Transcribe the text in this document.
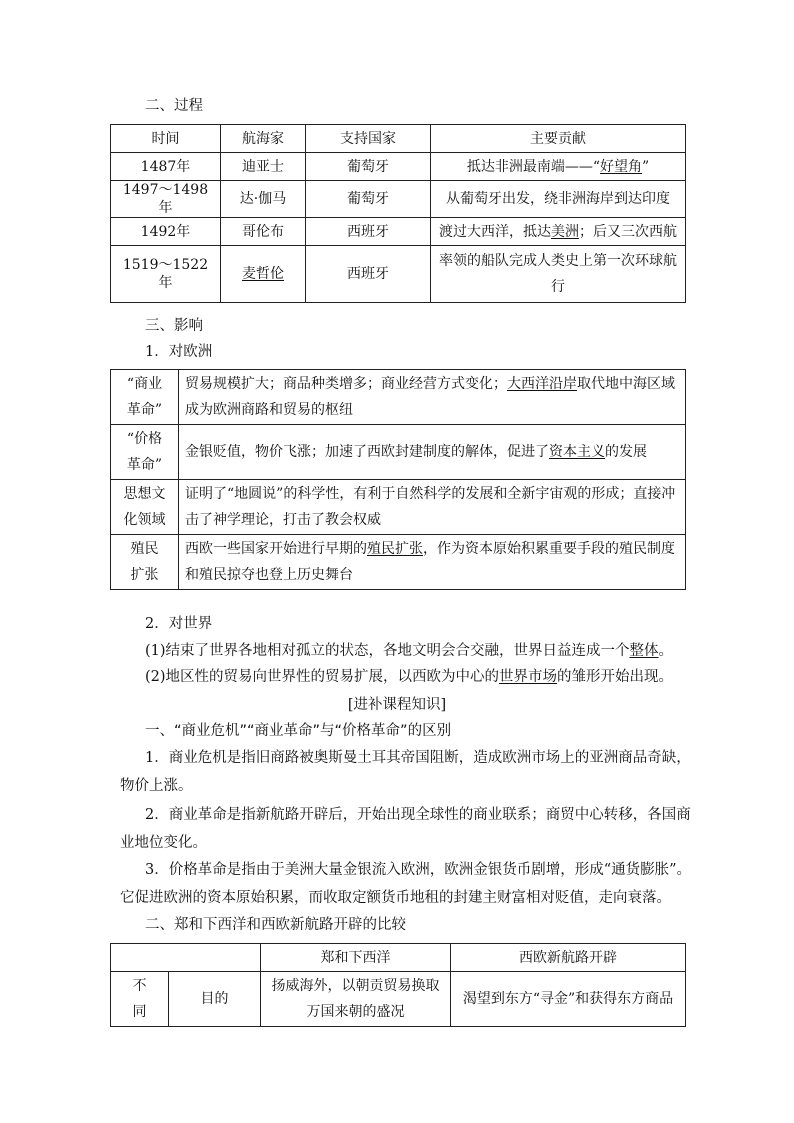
二、过程
时间	航海家	支持国家	主要贡献
1487年	迪亚士	葡萄牙	抵达非洲最南端——“好望角”
1497～1498年	达·伽马	葡萄牙	从葡萄牙出发，绕非洲海岸到达印度
1492年	哥伦布	西班牙	渡过大西洋，抵达美洲；后又三次西航
1519～1522年	麦哲伦	西班牙	率领的船队完成人类史上第一次环球航行
三、影响
1．对欧洲
“商业革命”	贸易规模扩大；商品种类增多；商业经营方式变化；大西洋沿岸取代地中海区域成为欧洲商路和贸易的枢纽
“价格革命”	金银贬值，物价飞涨；加速了西欧封建制度的解体，促进了资本主义的发展
思想文化领域	证明了“地圆说”的科学性，有利于自然科学的发展和全新宇宙观的形成；直接冲击了神学理论，打击了教会权威
殖民扩张	西欧一些国家开始进行早期的殖民扩张，作为资本原始积累重要手段的殖民制度和殖民掠夺也登上历史舞台
2．对世界
(1)结束了世界各地相对孤立的状态，各地文明会合交融，世界日益连成一个整体。
(2)地区性的贸易向世界性的贸易扩展，以西欧为中心的世界市场的雏形开始出现。
[进补课程知识]
一、“商业危机”“商业革命”与“价格革命”的区别
1．商业危机是指旧商路被奥斯曼土耳其帝国阻断，造成欧洲市场上的亚洲商品奇缺，
物价上涨。
2．商业革命是指新航路开辟后，开始出现全球性的商业联系；商贸中心转移，各国商
业地位变化。
3．价格革命是指由于美洲大量金银流入欧洲，欧洲金银货币剧增，形成“通货膨胀”。
它促进欧洲的资本原始积累，而收取定额货币地租的封建主财富相对贬值，走向衰落。
二、郑和下西洋和西欧新航路开辟的比较
		郑和下西洋	西欧新航路开辟
不同	目的	扬威海外，以朝贡贸易换取万国来朝的盛况	渴望到东方“寻金”和获得东方商品
